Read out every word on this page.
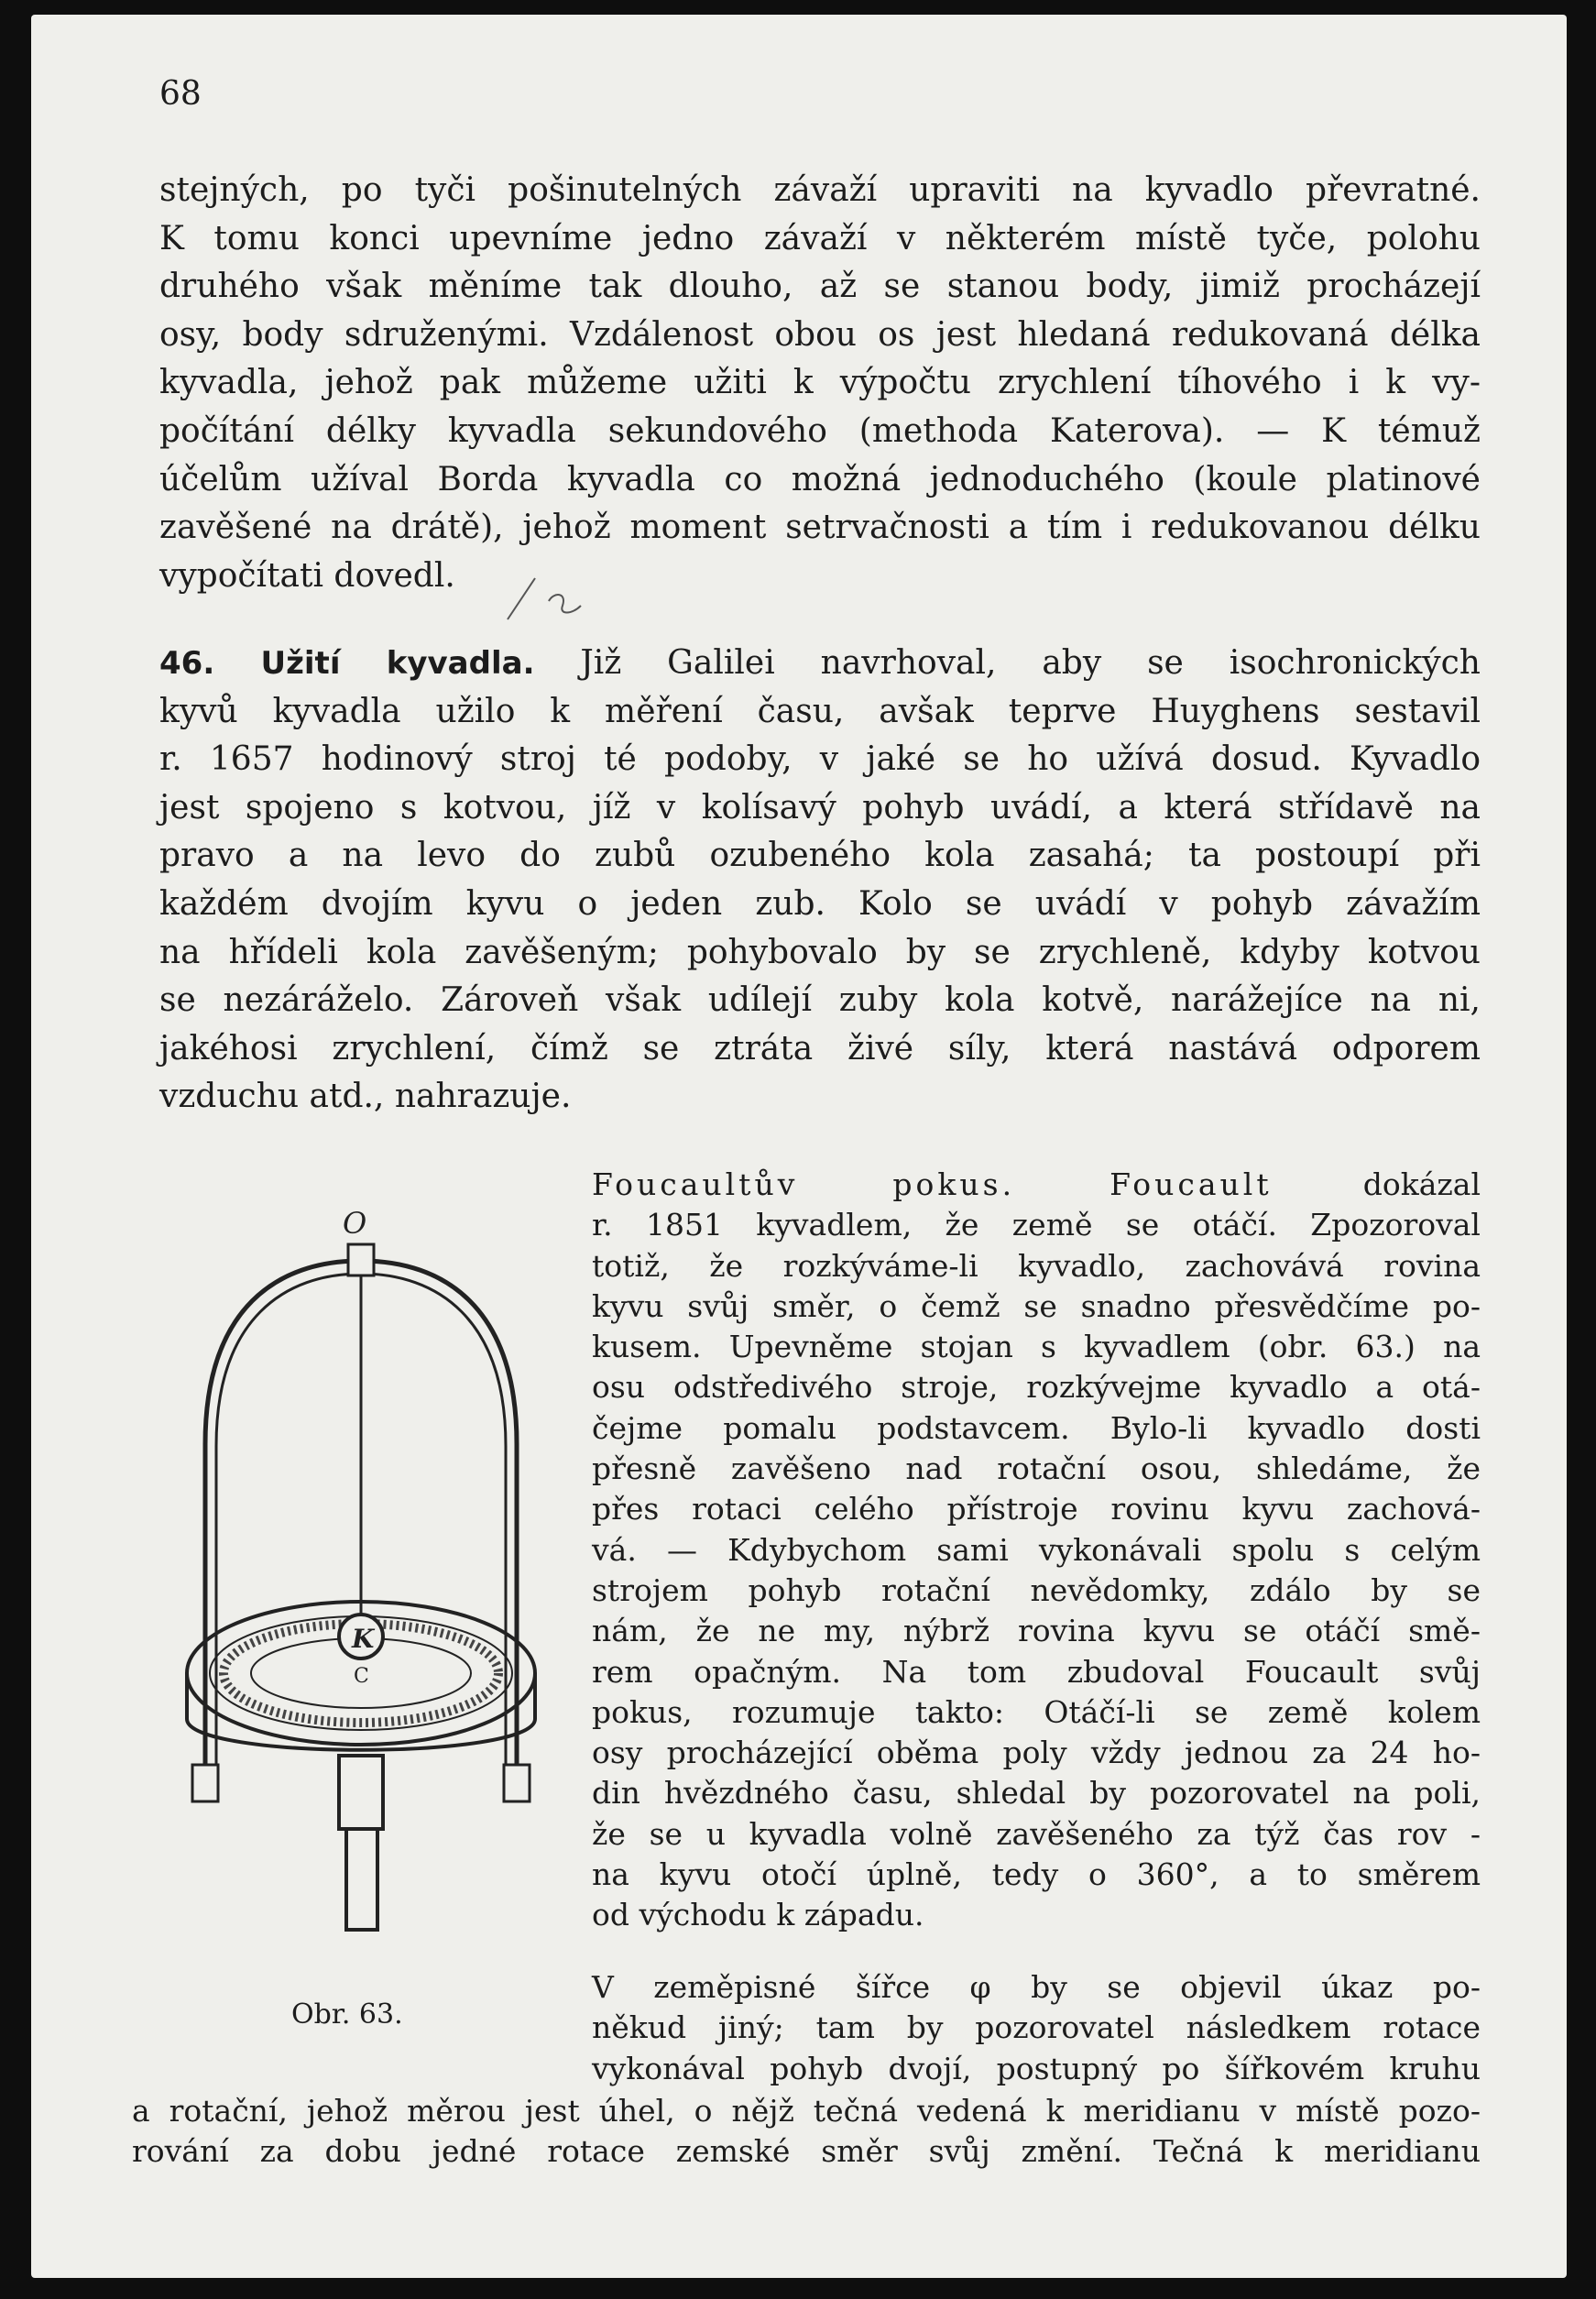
68

stejných, po tyči pošinutelných závaží upraviti na kyvadlo převratné.
K tomu konci upevníme jedno závaží v některém místě tyče, polohu
druhého však měníme tak dlouho, až se stanou body, jimiž procházejí
osy, body sdruženými. Vzdálenost obou os jest hledaná redukovaná délka
kyvadla, jehož pak můžeme užiti k výpočtu zrychlení tíhového i k vy-
počítání délky kyvadla sekundového (methoda Katerova). — K témuž
účelům užíval Borda kyvadla co možná jednoduchého (koule platinové
zavěšené na drátě), jehož moment setrvačnosti a tím i redukovanou délku
vypočítati dovedl.

46. Užití kyvadla. Již Galilei navrhoval, aby se isochronických
kyvů kyvadla užilo k měření času, avšak teprve Huyghens sestavil
r. 1657 hodinový stroj té podoby, v jaké se ho užívá dosud. Kyvadlo
jest spojeno s kotvou, jíž v kolísavý pohyb uvádí, a která střídavě na
pravo a na levo do zubů ozubeného kola zasahá; ta postoupí při
každém dvojím kyvu o jeden zub. Kolo se uvádí v pohyb závažím
na hřídeli kola zavěšeným; pohybovalo by se zrychleně, kdyby kotvou
se nezáráželo. Zároveň však udílejí zuby kola kotvě, narážejíce na ni,
jakéhosi zrychlení, čímž se ztráta živé síly, která nastává odporem
vzduchu atd., nahrazuje.

O
K
C

Foucaultův pokus. Foucault	dokázal
r. 1851 kyvadlem, že země se otáčí. Zpozoroval
totiž, že rozkýváme-li kyvadlo, zachovává rovina
kyvu svůj směr, o čemž se snadno přesvědčíme po-
kusem. Upevněme stojan s kyvadlem (obr. 63.) na
osu odstředivého stroje, rozkývejme kyvadlo a otá-
čejme pomalu podstavcem. Bylo-li kyvadlo dosti
přesně zavěšeno nad rotační osou, shledáme, že
přes rotaci celého přístroje rovinu kyvu zachová-
vá. — Kdybychom sami vykonávali spolu s celým
strojem pohyb rotační nevědomky, zdálo by se
nám, že ne my, nýbrž rovina kyvu se otáčí smě-
rem opačným. Na tom zbudoval Foucault svůj
pokus, rozumuje takto: Otáčí-li se země kolem
osy procházející oběma poly vždy jednou za 24 ho-
din hvězdného času, shledal by pozorovatel na poli,
že se u kyvadla volně zavěšeného za týž čas rov -
na kyvu otočí úplně, tedy o 360°, a to směrem
od východu k západu.

V zeměpisné šířce φ by se objevil úkaz po-
někud jiný; tam by pozorovatel následkem rotace
vykonával pohyb dvojí, postupný po šířkovém kruhu

Obr. 63.

a rotační, jehož měrou jest úhel, o nějž tečná vedená k meridianu v místě pozo-
rování za dobu jedné rotace zemské směr svůj změní. Tečná k meridianu
